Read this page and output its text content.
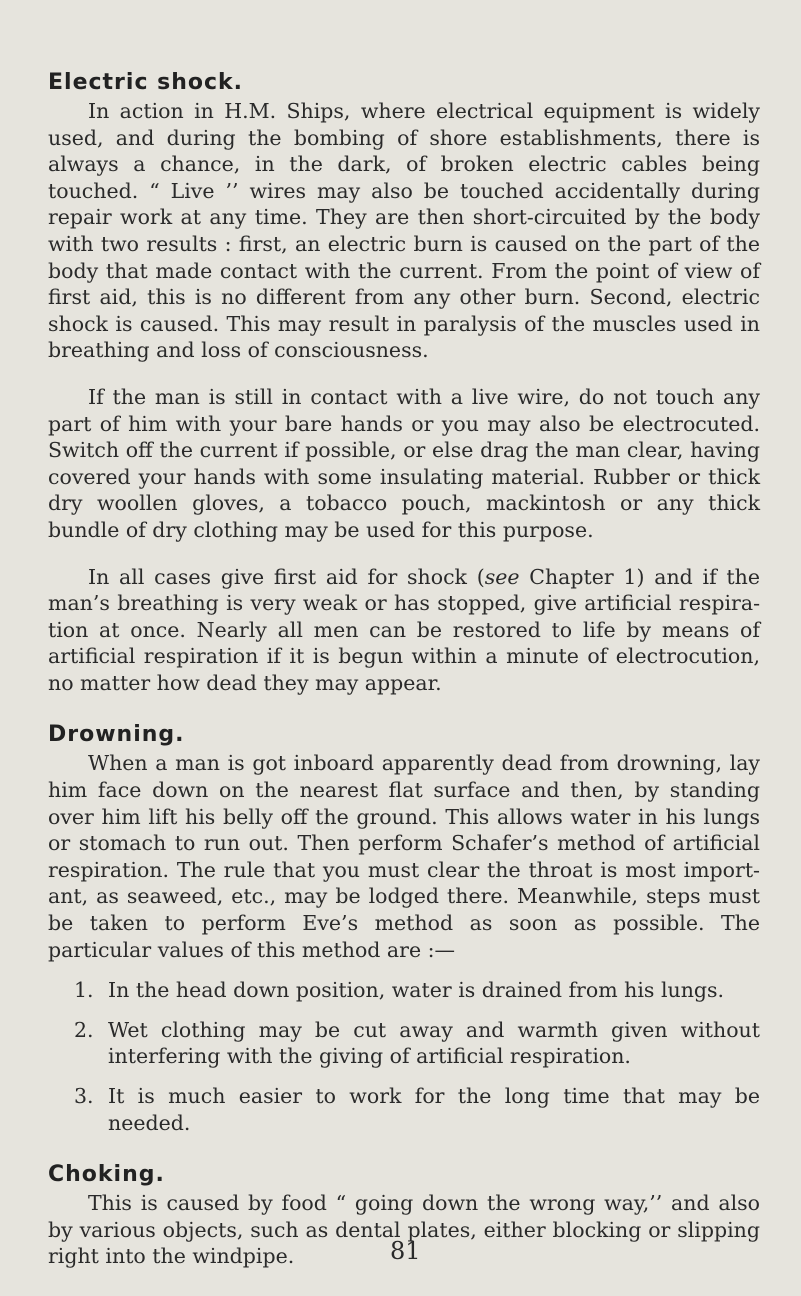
Electric shock.

In action in H.M. Ships, where electrical equipment is widely used, and during the bombing of shore establishments, there is always a chance, in the dark, of broken electric cables being touched. “ Live ’’ wires may also be touched accidentally during repair work at any time. They are then short-circuited by the body with two results : first, an electric burn is caused on the part of the body that made contact with the current. From the point of view of first aid, this is no different from any other burn. Second, electric shock is caused. This may result in paralysis of the muscles used in breathing and loss of consciousness.

If the man is still in contact with a live wire, do not touch any part of him with your bare hands or you may also be electrocuted. Switch off the current if possible, or else drag the man clear, having covered your hands with some insulating material. Rubber or thick dry woollen gloves, a tobacco pouch, mackintosh or any thick bundle of dry clothing may be used for this purpose.

In all cases give first aid for shock (see Chapter 1) and if the man’s breathing is very weak or has stopped, give artificial respira-tion at once. Nearly all men can be restored to life by means of artificial respiration if it is begun within a minute of electrocution, no matter how dead they may appear.

Drowning.

When a man is got inboard apparently dead from drowning, lay him face down on the nearest flat surface and then, by standing over him lift his belly off the ground. This allows water in his lungs or stomach to run out. Then perform Schafer’s method of artificial respiration. The rule that you must clear the throat is most import-ant, as seaweed, etc., may be lodged there. Meanwhile, steps must be taken to perform Eve’s method as soon as possible. The particular values of this method are :—

1. In the head down position, water is drained from his lungs.
2. Wet clothing may be cut away and warmth given without interfering with the giving of artificial respiration.
3. It is much easier to work for the long time that may be needed.
Choking.

This is caused by food “ going down the wrong way,’’ and also by various objects, such as dental plates, either blocking or slipping right into the windpipe.	81
